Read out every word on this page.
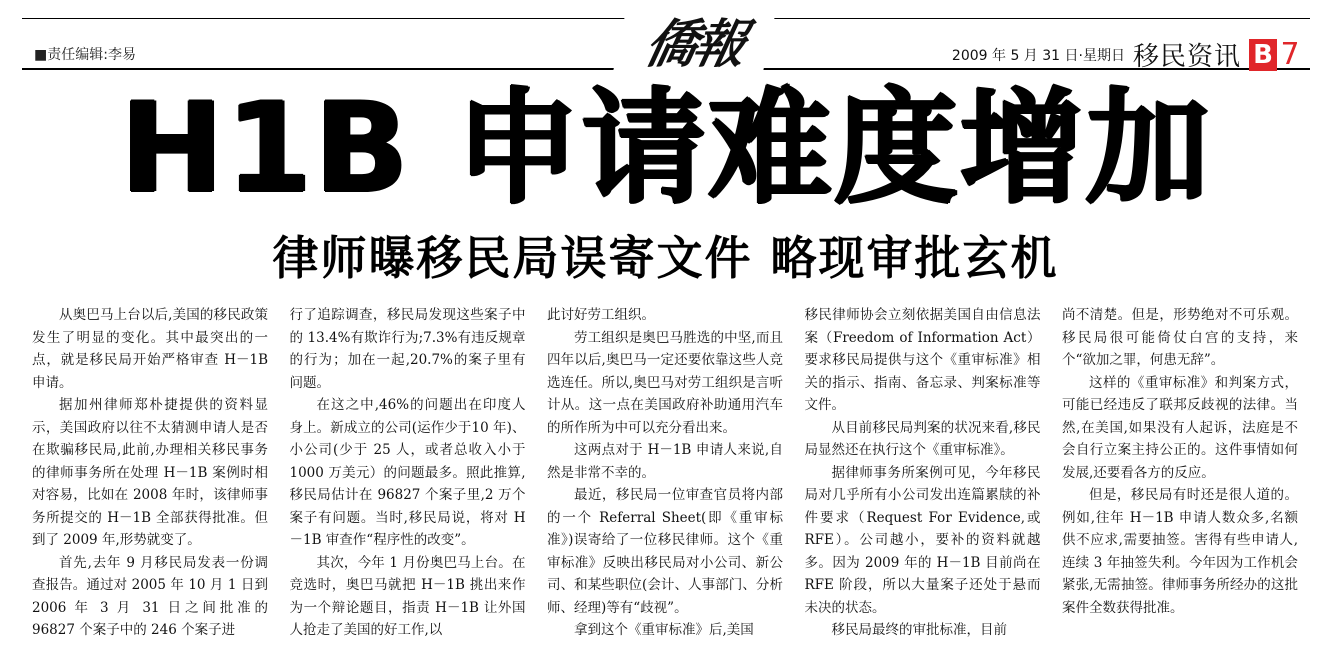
■责任编辑:李易	僑報	2009 年 5 月 31 日·星期日 移民资讯 B 7
H1B 申请难度增加
律师曝移民局误寄文件 略现审批玄机

从奥巴马上台以后,美国的移民政策发生了明显的变化。其中最突出的一点，就是移民局开始严格审查 H－1B 申请。

据加州律师郑朴捷提供的资料显示，美国政府以往不太猜测申请人是否在欺骗移民局,此前,办理相关移民事务的律师事务所在处理 H－1B 案例时相对容易，比如在 2008 年时，该律师事务所提交的 H－1B 全部获得批准。但到了 2009 年,形势就变了。

首先,去年 9 月移民局发表一份调查报告。通过对 2005 年 10 月 1 日到 2006 年 3 月 31 日之间批准的 96827 个案子中的 246 个案子进

行了追踪调查，移民局发现这些案子中的 13.4%有欺诈行为;7.3%有违反规章的行为；加在一起,20.7%的案子里有问题。

在这之中,46%的问题出在印度人身上。新成立的公司(运作少于10 年)、小公司(少于 25 人，或者总收入小于 1000 万美元）的问题最多。照此推算,移民局估计在 96827 个案子里,2 万个案子有问题。当时,移民局说，将对 H－1B 审查作“程序性的改变”。

其次，今年 1 月份奥巴马上台。在竞选时，奥巴马就把 H－1B 挑出来作为一个辩论题目，指责 H－1B 让外国人抢走了美国的好工作,以

此讨好劳工组织。

劳工组织是奥巴马胜选的中坚,而且四年以后,奥巴马一定还要依靠这些人竞选连任。所以,奥巴马对劳工组织是言听计从。这一点在美国政府补助通用汽车的所作所为中可以充分看出来。

这两点对于 H－1B 申请人来说,自然是非常不幸的。

最近，移民局一位审查官员将内部的一个 Referral Sheet(即《重审标准》)误寄给了一位移民律师。这个《重审标准》反映出移民局对小公司、新公司、和某些职位(会计、人事部门、分析师、经理)等有“歧视”。

拿到这个《重审标准》后,美国

移民律师协会立刻依据美国自由信息法案（Freedom of Information Act）要求移民局提供与这个《重审标准》相关的指示、指南、备忘录、判案标准等文件。

从目前移民局判案的状况来看,移民局显然还在执行这个《重审标准》。

据律师事务所案例可见，今年移民局对几乎所有小公司发出连篇累牍的补件要求（Request For Evidence,或 RFE）。公司越小，要补的资料就越多。因为 2009 年的 H－1B 目前尚在 RFE 阶段，所以大量案子还处于悬而未决的状态。

移民局最终的审批标准，目前

尚不清楚。但是，形势绝对不可乐观。移民局很可能倚仗白宫的支持，来个“欲加之罪，何患无辞”。

这样的《重审标准》和判案方式，可能已经违反了联邦反歧视的法律。当然,在美国,如果没有人起诉，法庭是不会自行立案主持公正的。这件事情如何发展,还要看各方的反应。

但是，移民局有时还是很人道的。例如,往年 H－1B 申请人数众多,名额供不应求,需要抽签。害得有些申请人,连续 3 年抽签失利。今年因为工作机会紧张,无需抽签。律师事务所经办的这批案件全数获得批准。
